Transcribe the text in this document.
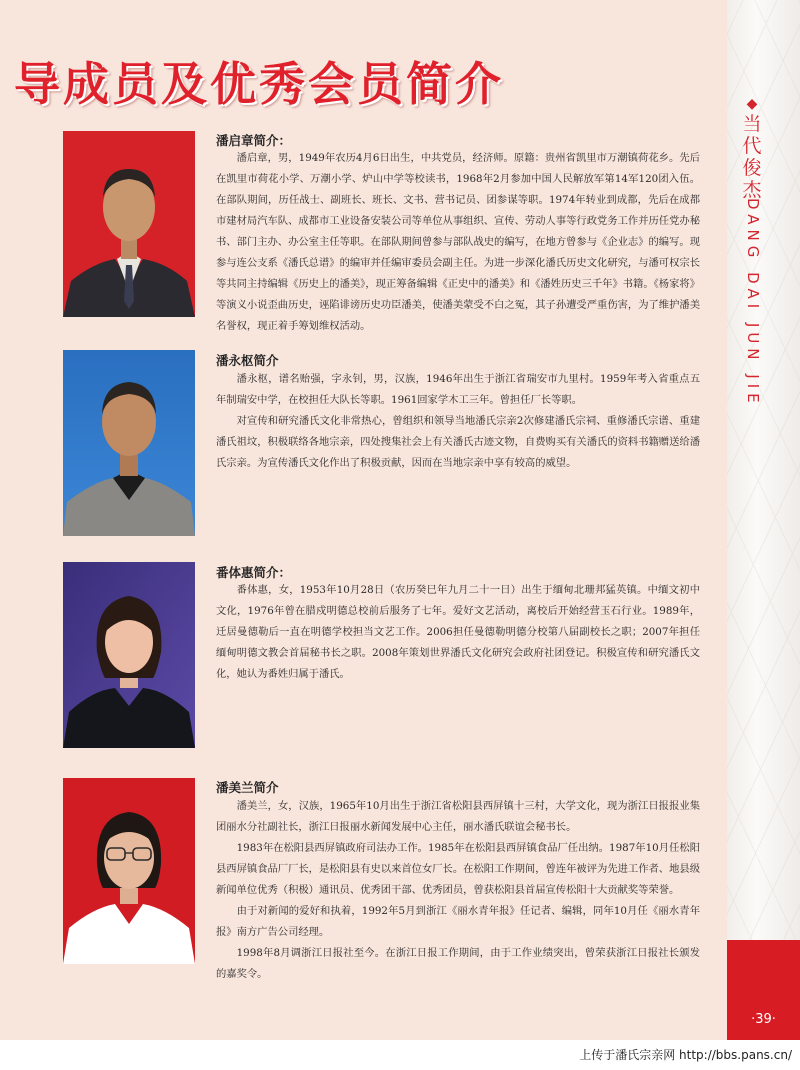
导成员及优秀会员简介
潘启章简介：

潘启章，男，1949年农历4月6日出生，中共党员，经济师。原籍：贵州省凯里市万潮镇荷花乡。先后在凯里市荷花小学、万潮小学、炉山中学等校读书，1968年2月参加中国人民解放军第14军120团入伍。在部队期间，历任战士、副班长、班长、文书、营书记员、团参谋等职。1974年转业到成都，先后在成都市建材局汽车队、成都市工业设备安装公司等单位从事组织、宣传、劳动人事等行政党务工作并历任党办秘书、部门主办、办公室主任等职。在部队期间曾参与部队战史的编写，在地方曾参与《企业志》的编写。现参与连公支系《潘氏总谱》的编审并任编审委员会副主任。为进一步深化潘氏历史文化研究，与潘可权宗长等共同主持编辑《历史上的潘美》，现正筹备编辑《正史中的潘美》和《潘姓历史三千年》书籍。《杨家将》等演义小说歪曲历史，诬陷诽谤历史功臣潘美，使潘美蒙受不白之冤，其子孙遭受严重伤害，为了维护潘美名誉权，现正着手筹划维权活动。

潘永枢简介

潘永枢，谱名贻强，字永钊，男，汉族，1946年出生于浙江省瑞安市九里村。1959年考入省重点五年制瑞安中学，在校担任大队长等职。1961回家学木工三年。曾担任厂长等职。

对宣传和研究潘氏文化非常热心，曾组织和领导当地潘氏宗亲2次修建潘氏宗祠、重修潘氏宗谱、重建潘氏祖坟，积极联络各地宗亲，四处搜集社会上有关潘氏古迹文物，自费购买有关潘氏的资料书籍赠送给潘氏宗亲。为宣传潘氏文化作出了积极贡献，因而在当地宗亲中享有较高的威望。

番体惠简介：

番体惠，女，1953年10月28日（农历癸巳年九月二十一日）出生于缅甸北珊邦猛英镇。中缅文初中文化，1976年曾在腊戍明德总校前后服务了七年。爱好文艺活动，离校后开始经营玉石行业。1989年，迁居曼德勒后一直在明德学校担当文艺工作。2006担任曼德勒明德分校第八届副校长之职；2007年担任缅甸明德文教会首届秘书长之职。2008年策划世界潘氏文化研究会政府社团登记。积极宣传和研究潘氏文化，她认为番姓归属于潘氏。

潘美兰简介

潘美兰，女，汉族，1965年10月出生于浙江省松阳县西屏镇十三村，大学文化，现为浙江日报报业集团丽水分社副社长，浙江日报丽水新闻发展中心主任，丽水潘氏联谊会秘书长。

1983年在松阳县西屏镇政府司法办工作。1985年在松阳县西屏镇食品厂任出纳。1987年10月任松阳县西屏镇食品厂厂长，是松阳县有史以来首位女厂长。在松阳工作期间，曾连年被评为先进工作者、地县级新闻单位优秀（积极）通讯员、优秀团干部、优秀团员，曾获松阳县首届宣传松阳十大贡献奖等荣誉。

由于对新闻的爱好和执着，1992年5月到浙江《丽水青年报》任记者、编辑，同年10月任《丽水青年报》南方广告公司经理。

1998年8月调浙江日报社至今。在浙江日报工作期间，由于工作业绩突出，曾荣获浙江日报社长颁发的嘉奖令。

◆
当
代
俊
杰
DANG DAI JUN JIE
·39·
上传于潘氏宗亲网 http://bbs.pans.cn/
